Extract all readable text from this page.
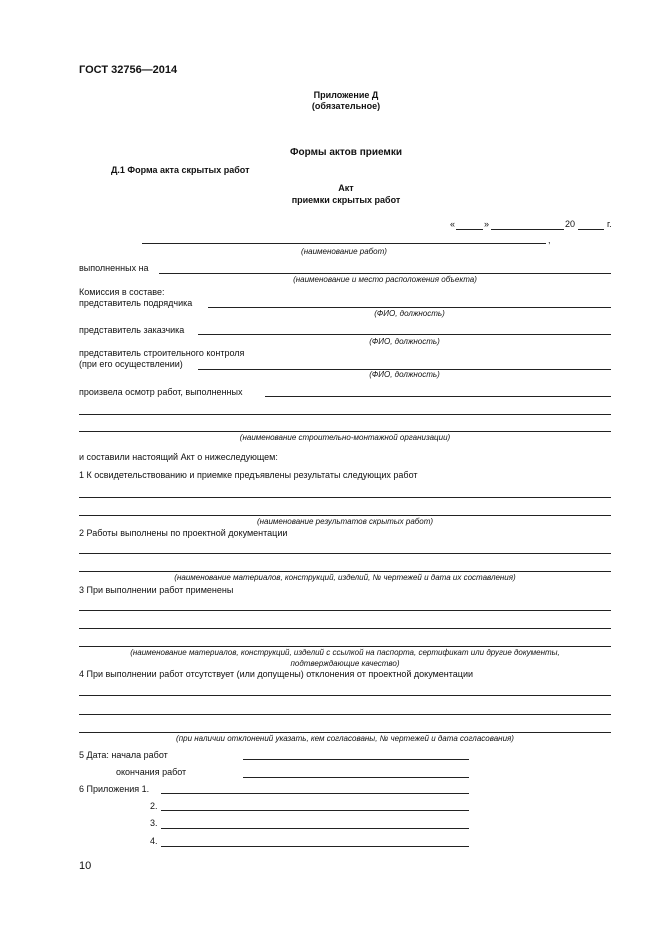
ГОСТ 32756—2014
Приложение Д
(обязательное)
Формы актов приемки
Д.1 Форма акта скрытых работ
Акт
приемки скрытых работ
«	»	20	г.
,
(наименование работ)
выполненных на
(наименование и место расположения объекта)
Комиссия в составе:
представитель подрядчика
(ФИО, должность)
представитель заказчика
(ФИО, должность)
представитель строительного контроля
(при его осуществлении)
(ФИО, должность)
произвела осмотр работ, выполненных
(наименование строительно-монтажной организации)
и составили настоящий Акт о нижеследующем:
1 К освидетельствованию и приемке предъявлены результаты следующих работ
(наименование результатов скрытых работ)
2 Работы выполнены по проектной документации
(наименование материалов, конструкций, изделий, № чертежей и дата их составления)
3 При выполнении работ применены
(наименование материалов, конструкций, изделий с ссылкой на паспорта, сертификат или другие документы,
подтверждающие качество)
4 При выполнении работ отсутствует (или допущены) отклонения от проектной документации
(при наличии отклонений указать, кем согласованы, № чертежей и дата согласования)
5 Дата: начала работ
окончания работ
6 Приложения 1.
2.
3.
4.
10
